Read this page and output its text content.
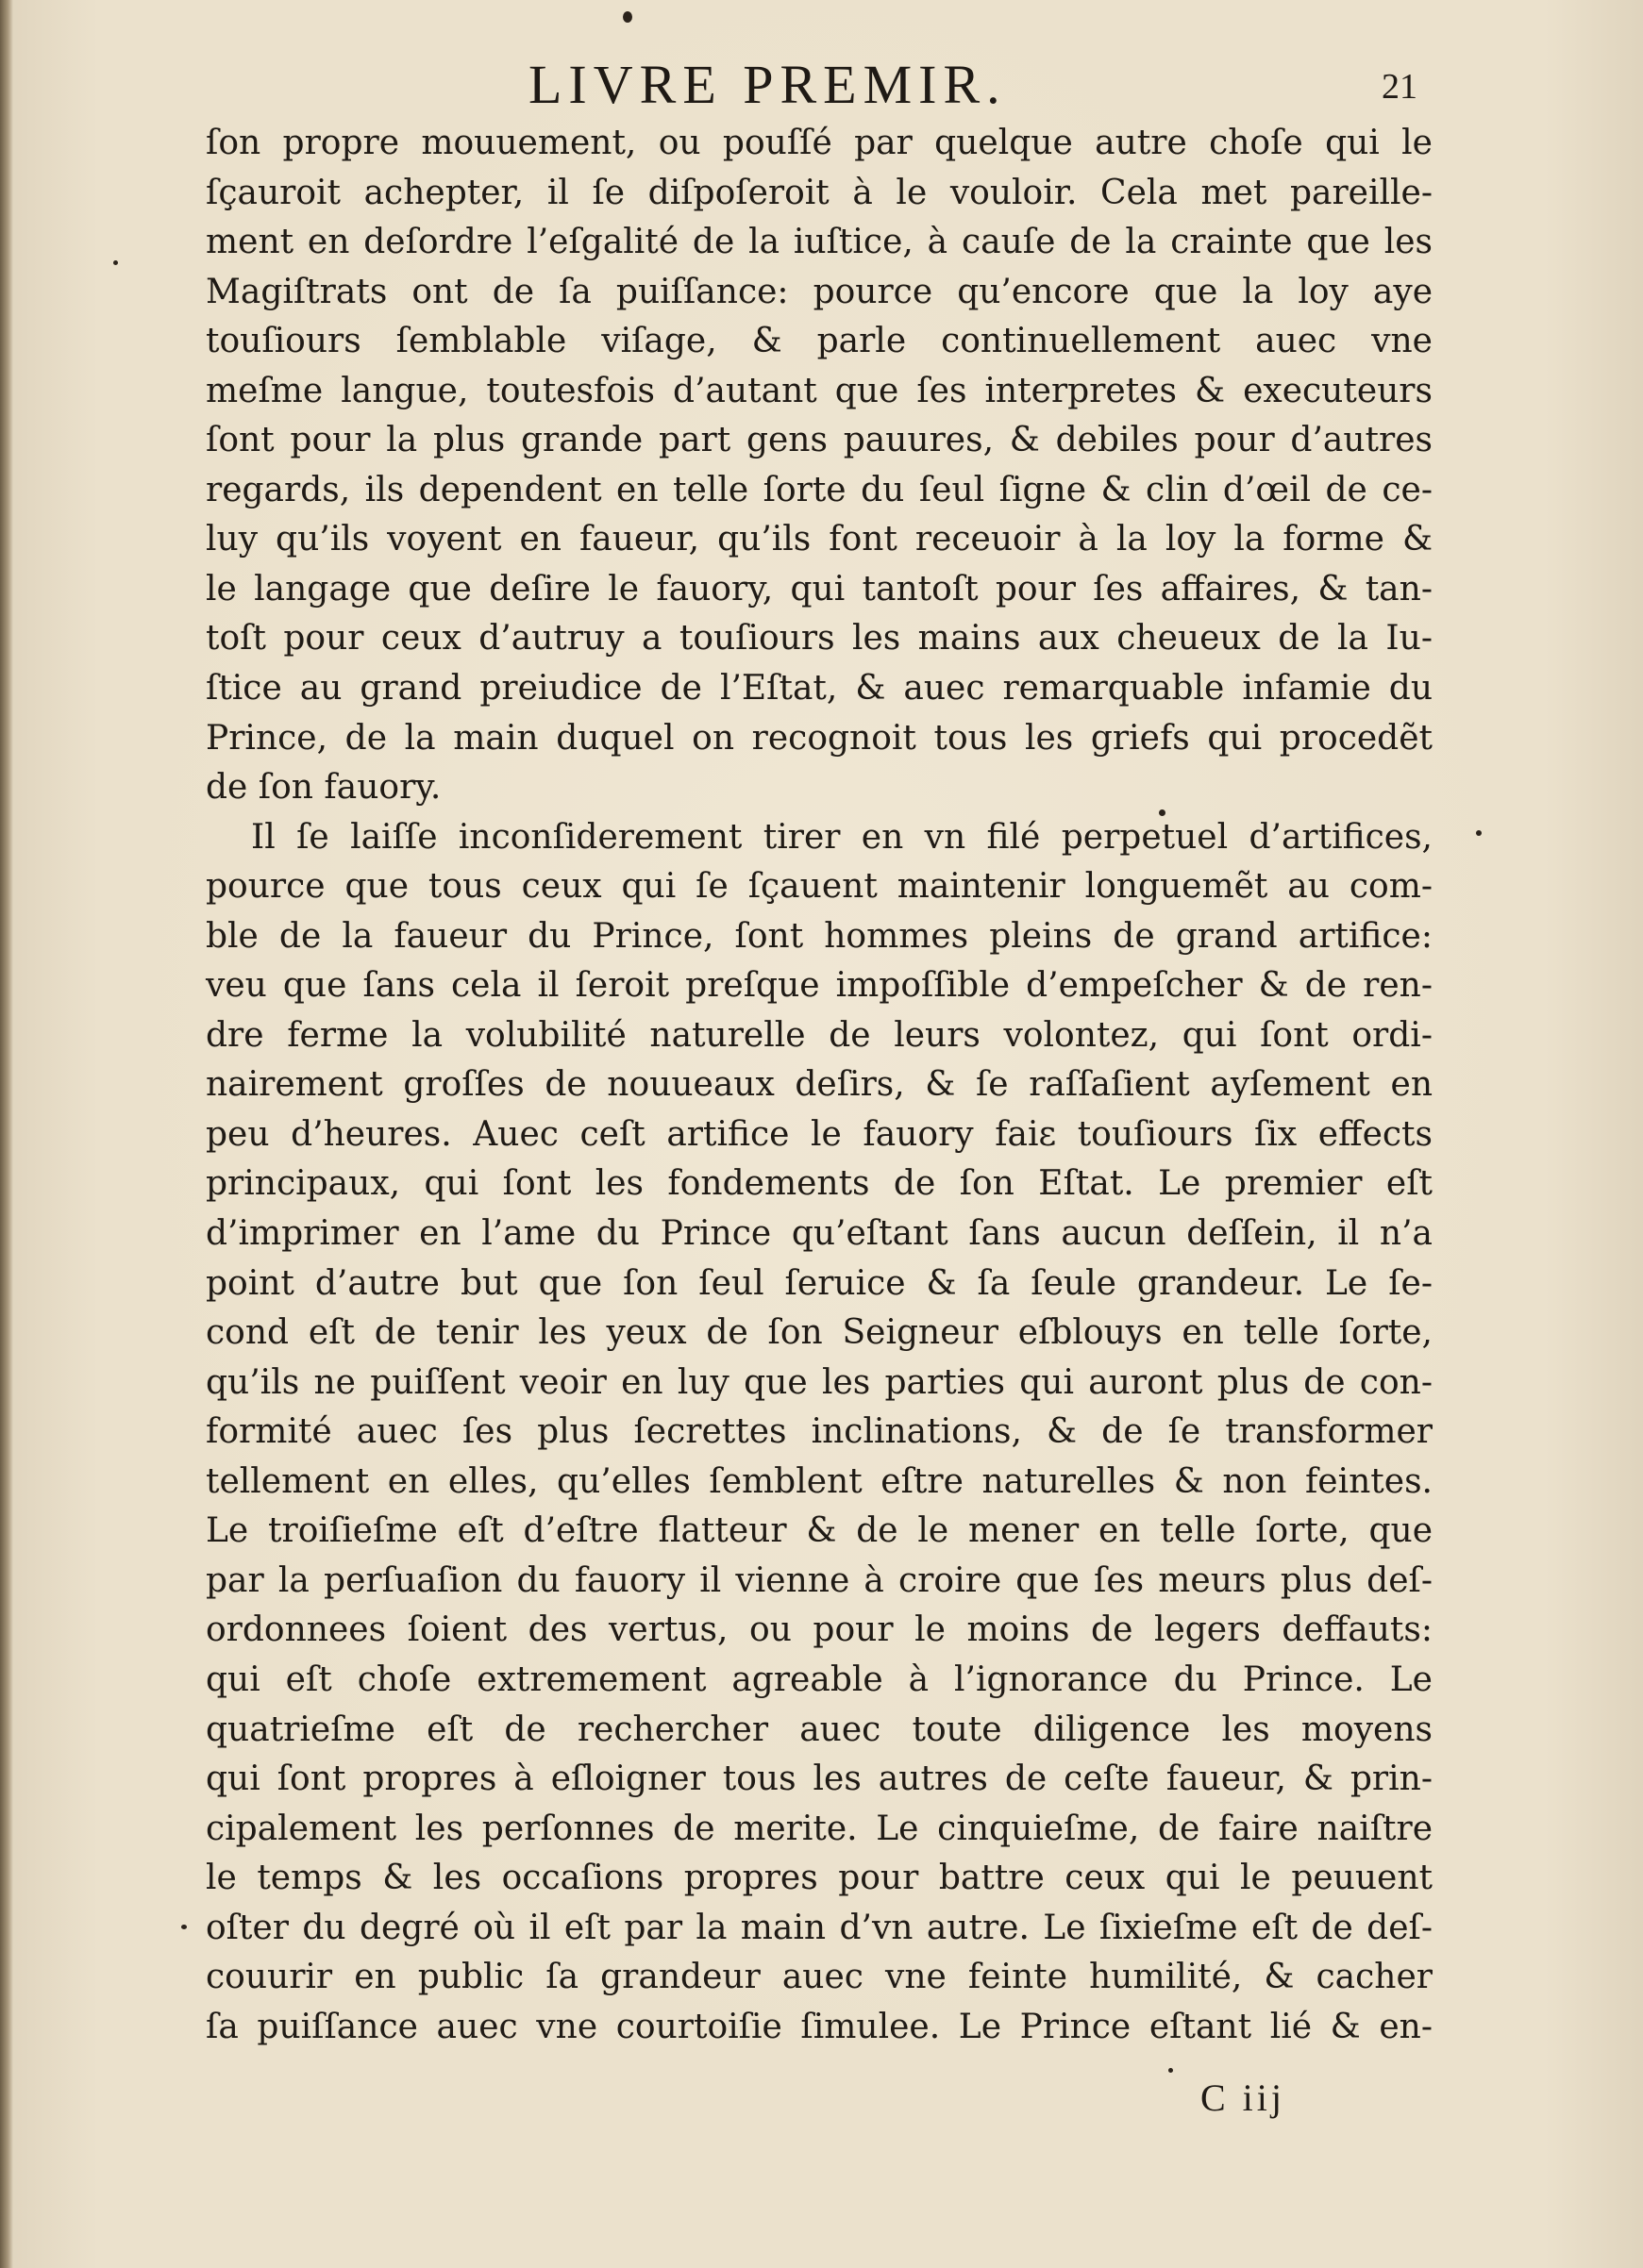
LIVRE PREMIR.	21
ſon propre mouuement, ou pouſſé par quelque autre choſe qui le
ſçauroit achepter, il ſe diſpoſeroit à le vouloir. Cela met pareille-
ment en deſordre l’eſgalité de la iuſtice, à cauſe de la crainte que les
Magiſtrats ont de ſa puiſſance: pource qu’encore que la loy aye
touſiours ſemblable viſage, & parle continuellement auec vne
meſme langue, toutesfois d’autant que ſes interpretes & executeurs
ſont pour la plus grande part gens pauures, & debiles pour d’autres
regards, ils dependent en telle ſorte du ſeul ſigne & clin d’œil de ce-
luy qu’ils voyent en faueur, qu’ils font receuoir à la loy la forme &
le langage que deſire le fauory, qui tantoſt pour ſes affaires, & tan-
toſt pour ceux d’autruy a touſiours les mains aux cheueux de la Iu-
ſtice au grand preiudice de l’Eſtat, & auec remarquable infamie du
Prince, de la main duquel on recognoit tous les griefs qui procedẽt
de ſon fauory.
Il ſe laiſſe inconſiderement tirer en vn filé perpetuel d’artifices,
pource que tous ceux qui ſe ſçauent maintenir longuemẽt au com-
ble de la faueur du Prince, ſont hommes pleins de grand artifice:
veu que ſans cela il ſeroit preſque impoſſible d’empeſcher & de ren-
dre ferme la volubilité naturelle de leurs volontez, qui ſont ordi-
nairement groſſes de nouueaux deſirs, & ſe raſſaſient ayſement en
peu d’heures. Auec ceſt artifice le fauory faiɛ touſiours ſix effects
principaux, qui ſont les fondements de ſon Eſtat. Le premier eſt
d’imprimer en l’ame du Prince qu’eſtant ſans aucun deſſein, il n’a
point d’autre but que ſon ſeul ſeruice & ſa ſeule grandeur. Le ſe-
cond eſt de tenir les yeux de ſon Seigneur eſblouys en telle ſorte,
qu’ils ne puiſſent veoir en luy que les parties qui auront plus de con-
formité auec ſes plus ſecrettes inclinations, & de ſe transformer
tellement en elles, qu’elles ſemblent eſtre naturelles & non feintes.
Le troiſieſme eſt d’eſtre flatteur & de le mener en telle ſorte, que
par la perſuaſion du fauory il vienne à croire que ſes meurs plus deſ-
ordonnees ſoient des vertus, ou pour le moins de legers deffauts:
qui eſt choſe extremement agreable à l’ignorance du Prince. Le
quatrieſme eſt de rechercher auec toute diligence les moyens
qui ſont propres à eſloigner tous les autres de ceſte faueur, & prin-
cipalement les perſonnes de merite. Le cinquieſme, de faire naiſtre
le temps & les occaſions propres pour battre ceux qui le peuuent
oſter du degré où il eſt par la main d’vn autre. Le ſixieſme eſt de deſ-
couurir en public ſa grandeur auec vne feinte humilité, & cacher
ſa puiſſance auec vne courtoiſie ſimulee. Le Prince eſtant lié & en-
C iij
